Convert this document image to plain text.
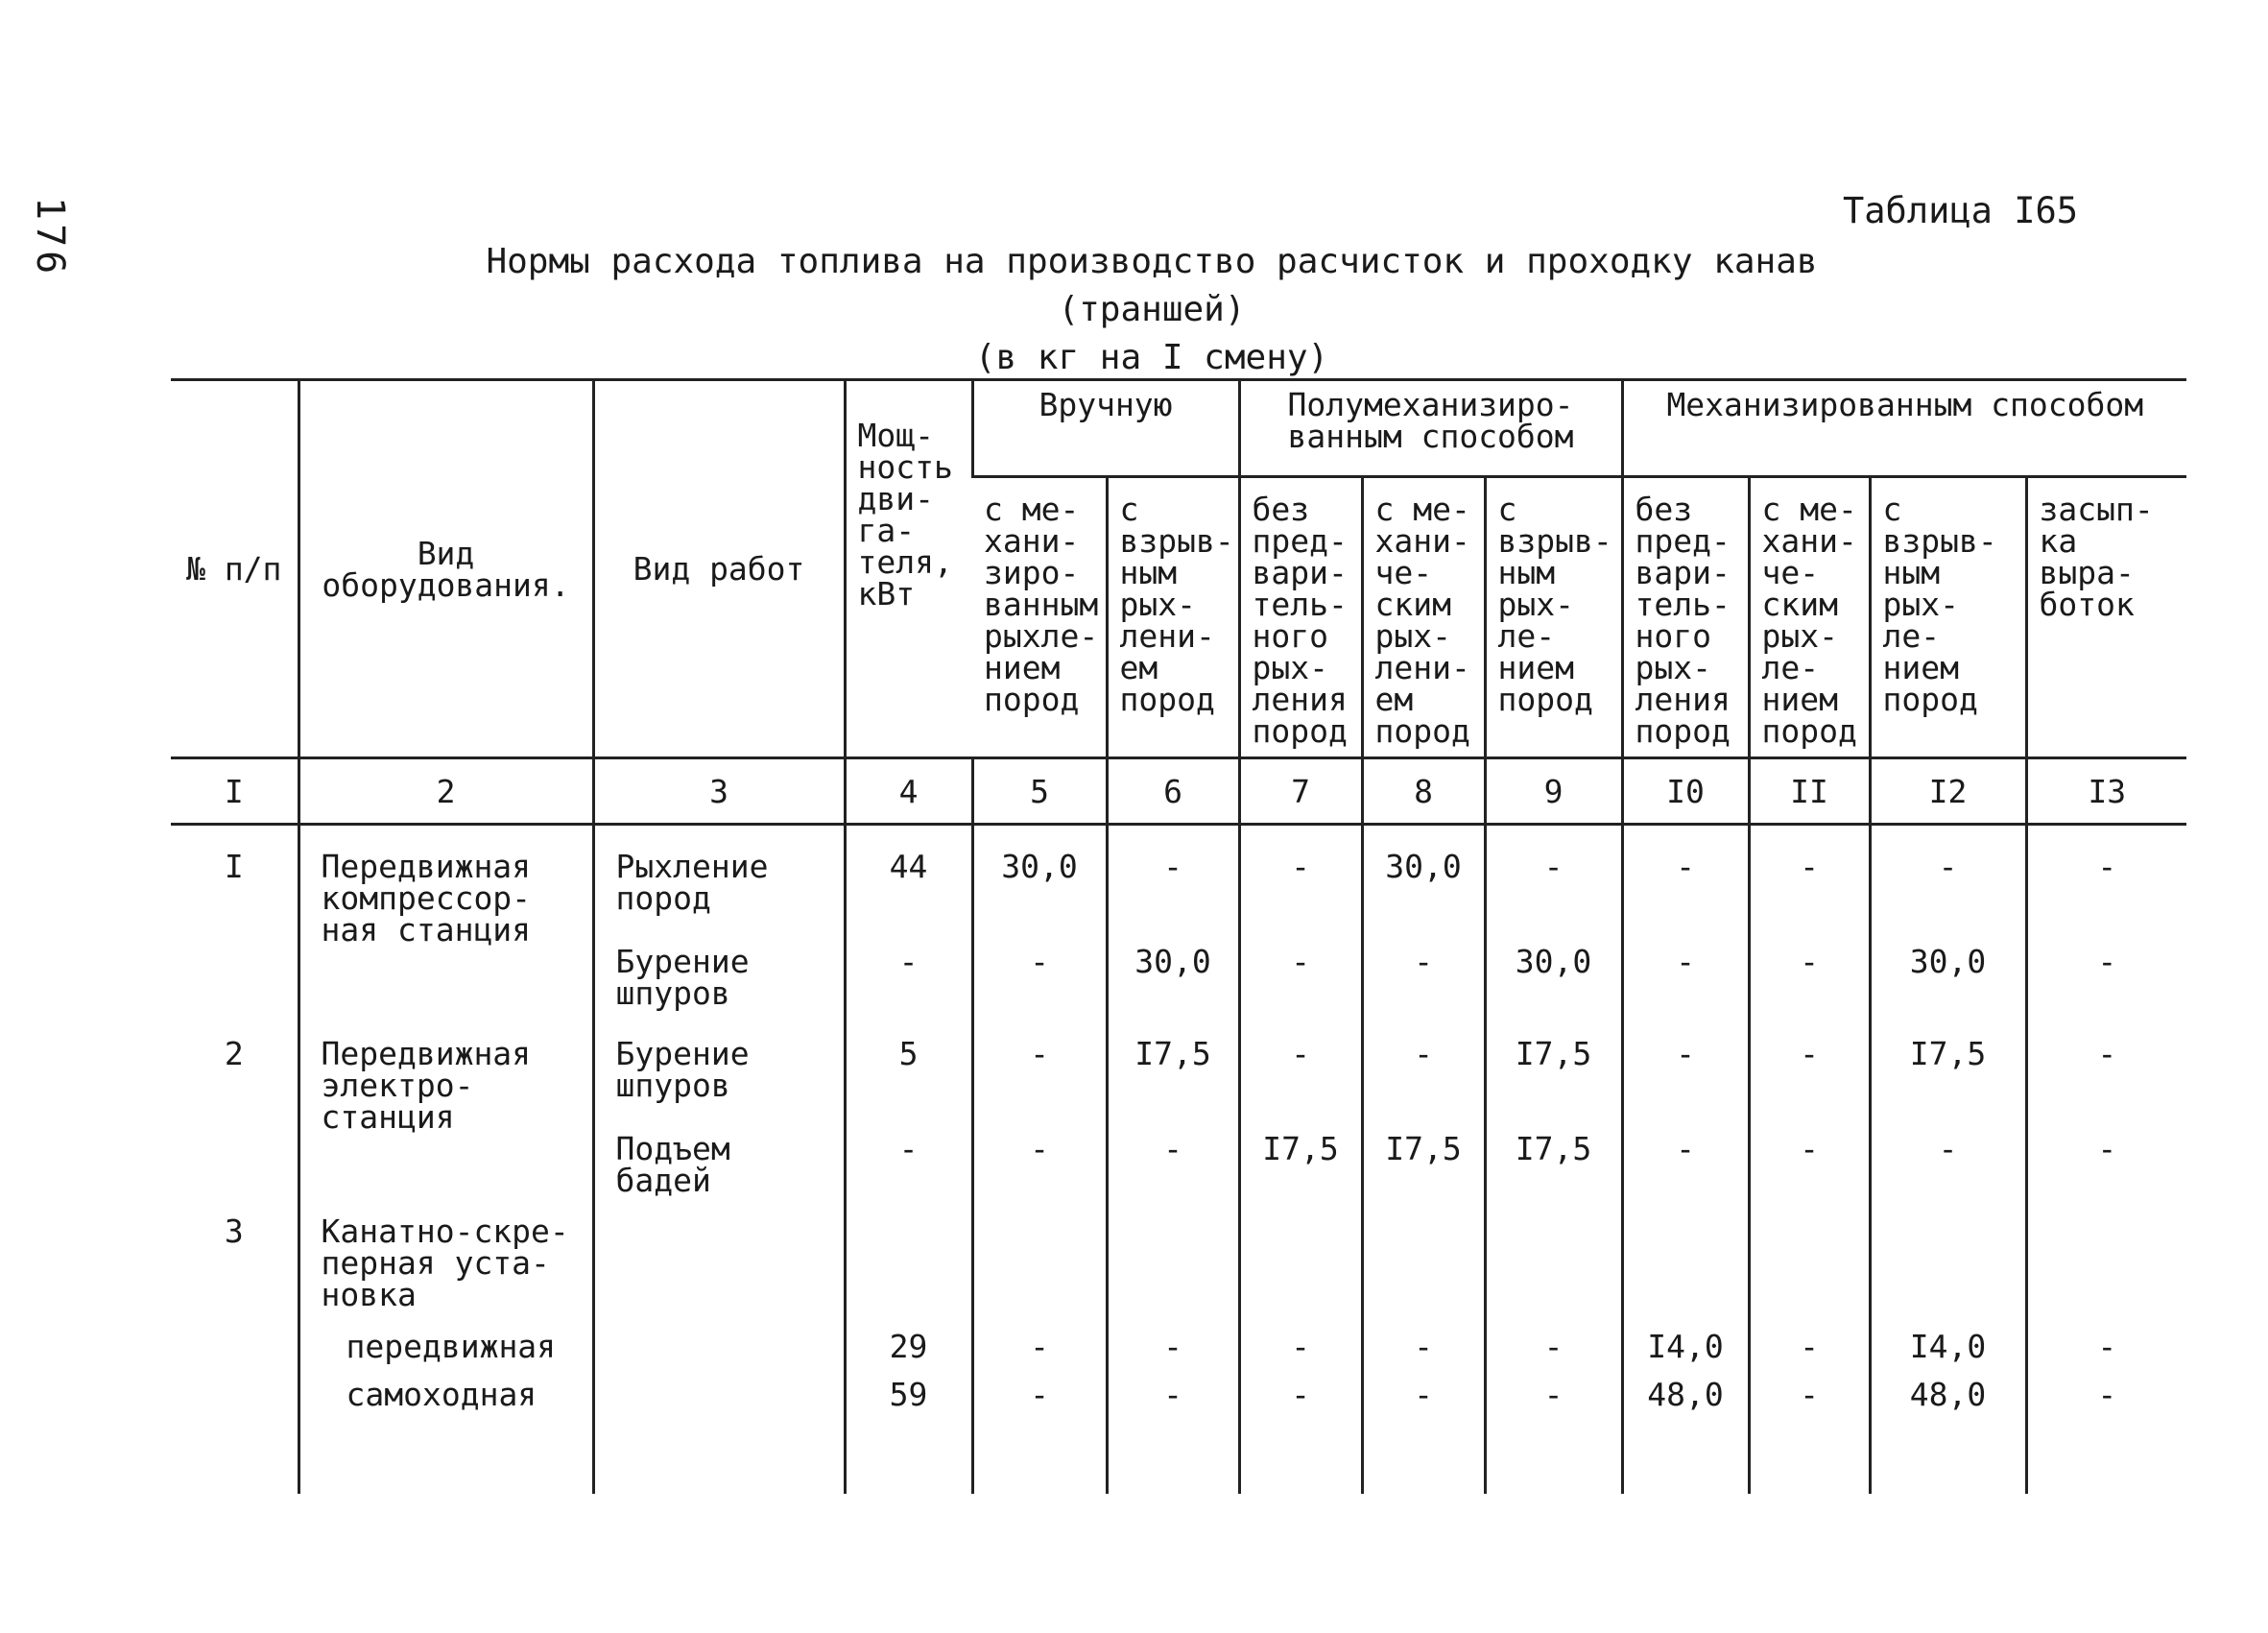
176	Таблица I65
Нормы расхода топлива на производство расчисток и проходку канав (траншей)
(в кг на I смену)
№ п/п	Вид оборудования.	Вид работ	Мощ- ность дви- га- теля, кВт	Вручную		Полумеханизиро- ванным способом			Механизированным способом			
				с ме- хани- зиро- ванным рыхле- нием пород	с взрыв- ным рых- лени- ем пород	без пред- вари- тель- ного рых- ления пород	с ме- хани- че- ским рых- лени- ем пород	с взрыв- ным рых- ле- нием пород	без пред- вари- тель- ного рых- ления пород	с ме- хани- че- ским рых- ле- нием пород	с взрыв- ным рых- ле- нием пород	засып- ка выра- боток
I	2	3	4	5	6	7	8	9	I0	II	I2	I3
I	Передвижная компрессор- ная станция	Рыхление пород	44	30,0	-	-	30,0	-	-	-	-	-
		Бурение шпуров	-	-	30,0	-	-	30,0	-	-	30,0	-
2	Передвижная электро- станция	Бурение шпуров	5	-	I7,5	-	-	I7,5	-	-	I7,5	-
		Подъем бадей	-	-	-	I7,5	I7,5	I7,5	-	-	-	-
3	Канатно-скре- перная уста- новка											
	передвижная		29	-	-	-	-	-	I4,0	-	I4,0	-
	самоходная		59	-	-	-	-	-	48,0	-	48,0	-
